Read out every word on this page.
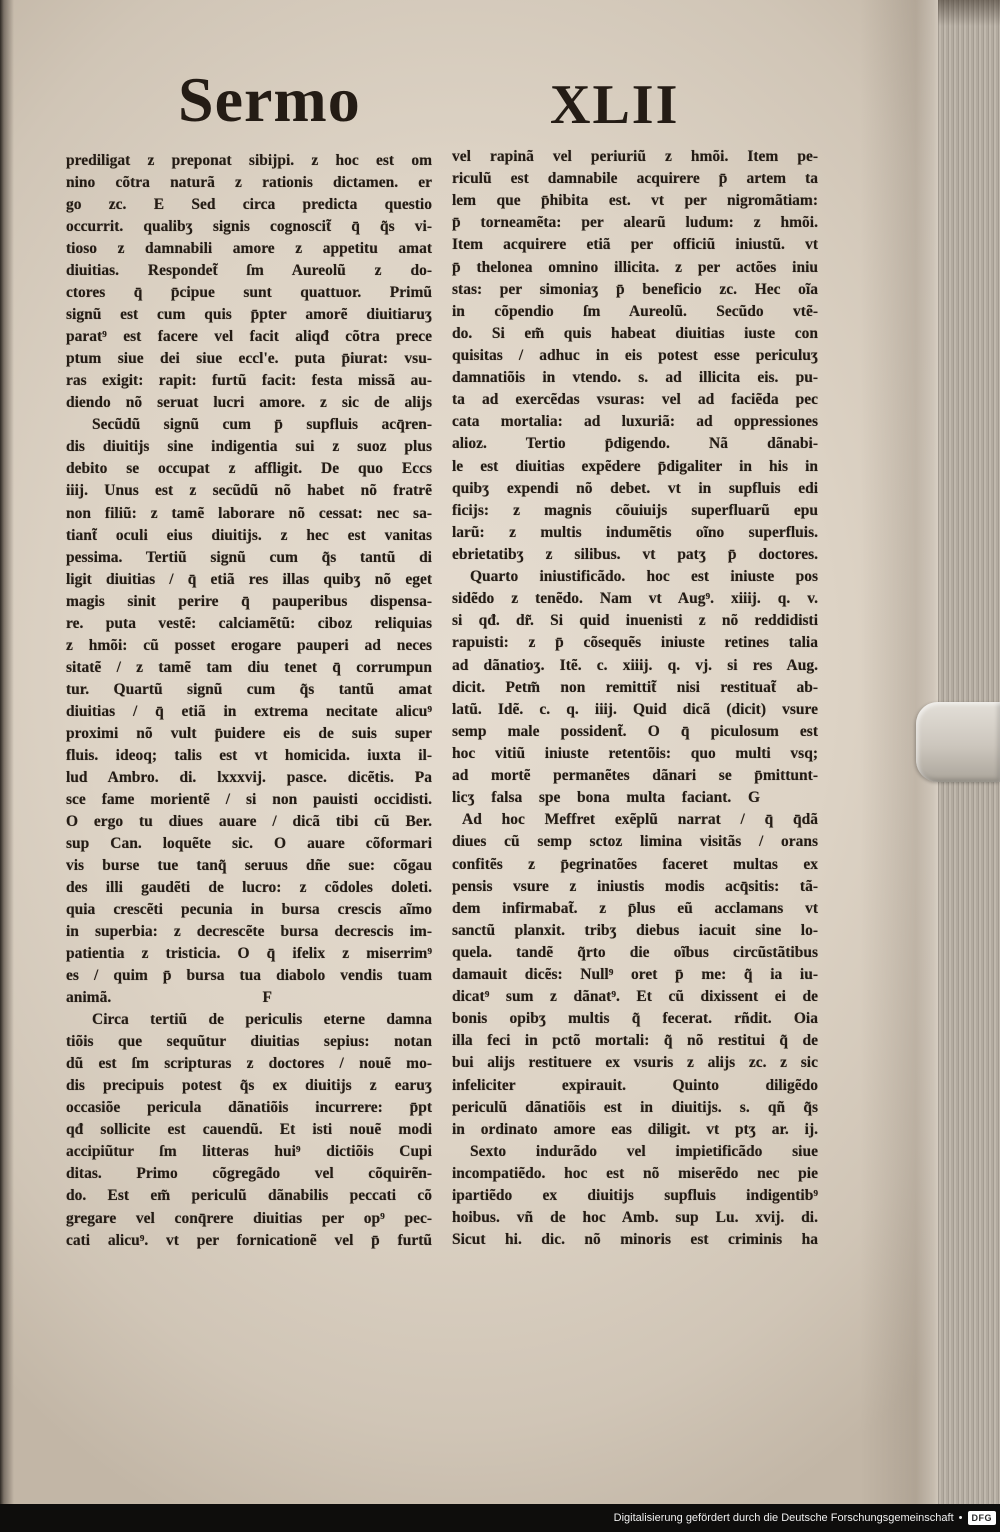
Sermo	XLII
prediligat z preponat sibijpi. z hoc est om
nino cõtra naturã z rationis dictamen. er
go zc. E Sed circa predicta questio
occurrit. qualibʒ signis cognoscit̃ q̄ q̃s vi-
tioso z damnabili amore z appetitu amat
diuitias. Respondet̃ ſm Aureolũ z do-
ctores q̄ p̄cipue sunt quattuor. Primũ
signũ est cum quis p̄pter amorẽ diuitiaruʒ
parat⁹ est facere vel facit aliqđ cõtra prece
ptum siue dei siue eccl'e. puta p̄iurat: vsu-
ras exigit: rapit: furtũ facit: festa missã au-
diendo nõ seruat lucri amore. z sic de alijs
Secũdũ signũ cum p̄ supfluis acq̄ren-
dis diuitijs sine indigentia sui z suoz plus
debito se occupat z affligit. De quo Eccs
iiij. Unus est z secũdũ nõ habet nõ fratrẽ
non filiũ: z tamẽ laborare nõ cessat: nec sa-
tiant̃ oculi eius diuitijs. z hec est vanitas
pessima. Tertiũ signũ cum q̃s tantũ di
ligit diuitias / q̄ etiã res illas quibʒ nõ eget
magis sinit perire q̄ pauperibus dispensa-
re. puta vestẽ: calciamẽtũ: ciboz reliquias
z hmõi: cũ posset erogare pauperi ad neces
sitatẽ / z tamẽ tam diu tenet q̄ corrumpun
tur. Quartũ signũ cum q̃s tantũ amat
diuitias / q̄ etiã in extrema necitate alicu⁹
proximi nõ vult p̄uidere eis de suis super
fluis. ideoq; talis est vt homicida. iuxta il-
lud Ambro. di. lxxxvij. pasce. dicẽtis. Pa
sce fame morientẽ / si non pauisti occidisti.
O ergo tu diues auare / dicã tibi cũ Ber.
sup Can. loquẽte sic. O auare cõformari
vis burse tue tanq̃ seruus dñe sue: cõgau
des illi gaudẽti de lucro: z cõdoles doleti.
quia crescẽti pecunia in bursa crescis aĩmo
in superbia: z decrescẽte bursa decrescis im-
patientia z tristicia. O q̄ ifelix z miserrim⁹
es / quim p̄ bursa tua diabolo vendis tuam
animã. F
Circa tertiũ de periculis eterne damna
tiõis que sequũtur diuitias sepius: notan
dũ est ſm scripturas z doctores / nouẽ mo-
dis precipuis potest q̃s ex diuitijs z earuʒ
occasiõe pericula dãnatiõis incurrere: p̄pt
qđ sollicite est cauendũ. Et isti nouẽ modi
accipiũtur ſm litteras hui⁹ dictiõis Cupi
ditas. Primo cõgregãdo vel cõquirẽn-
do. Est em̃ periculũ dãnabilis peccati cõ
gregare vel conq̄rere diuitias per op⁹ pec-
cati alicu⁹. vt per fornicationẽ vel p̄ furtũ
vel rapinã vel periuriũ z hmõi. Item pe-
riculũ est damnabile acquirere p̄ artem ta
lem que p̄hibita est. vt per nigromãtiam:
p̄ torneamẽta: per alearũ ludum: z hmõi.
Item acquirere etiã per officiũ iniustũ. vt
p̄ thelonea omnino illicita. z per actões iniu
stas: per simoniaʒ p̄ beneficio zc. Hec oĩa
in cõpendio ſm Aureolũ. Secũdo vtẽ-
do. Si em̃ quis habeat diuitias iuste con
quisitas / adhuc in eis potest esse periculuʒ
damnatiõis in vtendo. s. ad illicita eis. pu-
ta ad exercẽdas vsuras: vel ad faciẽda pec
cata mortalia: ad luxuriã: ad oppressiones
alioz. Tertio p̄digendo. Nã dãnabi-
le est diuitias expẽdere p̄digaliter in his in
quibʒ expendi nõ debet. vt in supfluis edi
ficijs: z magnis cõuiuijs superfluarũ epu
larũ: z multis indumẽtis oĩno superfluis.
ebrietatibʒ z silibus. vt patʒ p̄ doctores.
Quarto iniustificãdo. hoc est iniuste pos
sidẽdo z tenẽdo. Nam vt Aug⁹. xiiij. q. v.
si qđ. dr̃. Si quid inuenisti z nõ reddidisti
rapuisti: z p̄ cõsequẽs iniuste retines talia
ad dãnatioʒ. Itẽ. c. xiiij. q. vj. si res Aug.
dicit. Petm̃ non remittit̃ nisi restituat̃ ab-
latũ. Idẽ. c. q. iiij. Quid dicã (dicit) vsure
semp male possident̃. O q̄ piculosum est
hoc vitiũ iniuste retentõis: quo multi vsq;
ad mortẽ permanẽtes dãnari se p̄mittunt-
licʒ falsa spe bona multa faciant. G
Ad hoc Meffret exẽplũ narrat / q̄ q̄dã
diues cũ semp sctoz limina visitãs / orans
confitẽs z p̄egrinatões faceret multas ex
pensis vsure z iniustis modis acq̄sitis: tã-
dem infirmabat̃. z p̄lus eũ acclamans vt
sanctũ planxit. tribʒ diebus iacuit sine lo-
quela. tandẽ q̃rto die oĩbus circũstãtibus
damauit dicẽs: Null⁹ oret p̄ me: q̃ ia iu-
dicat⁹ sum z dãnat⁹. Et cũ dixissent ei de
bonis opibʒ multis q̃ fecerat. rñdit. Oia
illa feci in pctõ mortali: q̃ nõ restitui q̃ de
bui alijs restituere ex vsuris z alijs zc. z sic
infeliciter expirauit. Quinto diligẽdo
periculũ dãnatiõis est in diuitijs. s. qñ q̃s
in ordinato amore eas diligit. vt ptʒ ar. ij.
Sexto indurãdo vel impietificãdo siue
incompatiẽdo. hoc est nõ miserẽdo nec pie
ipartiẽdo ex diuitijs supfluis indigentib⁹
hoibus. vñ de hoc Amb. sup Lu. xvij. di.
Sicut hi. dic. nõ minoris est criminis ha
Digitalisierung gefördert durch die Deutsche Forschungsgemeinschaft •	DFG
